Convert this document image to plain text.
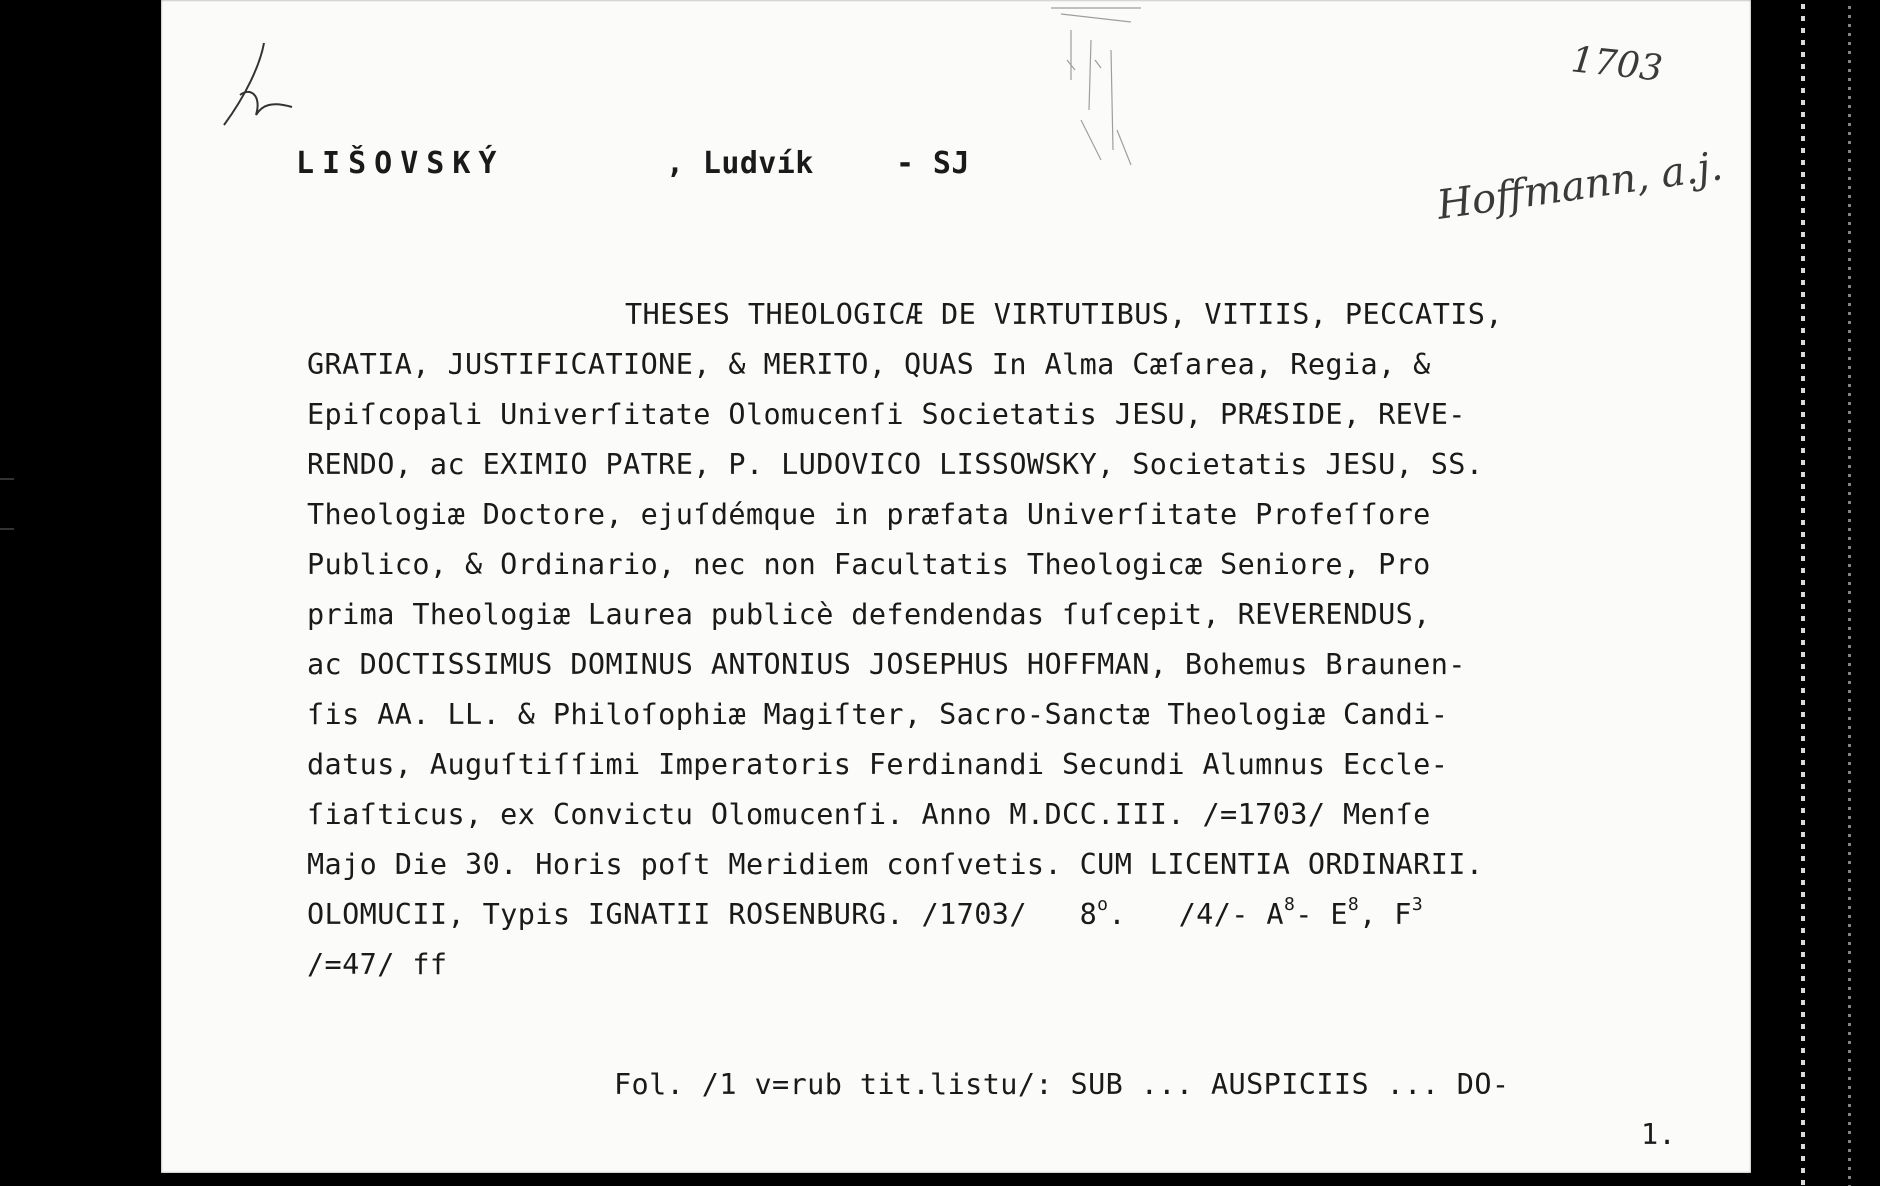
1703
Hoffmann, a.j.
LIŠOVSKÝ	, Ludvík	- SJ
THESES THEOLOGICÆ DE VIRTUTIBUS, VITIIS, PECCATIS,
GRATIA, JUSTIFICATIONE, & MERITO, QUAS In Alma Cæſarea, Regia, &
Epiſcopali Univerſitate Olomucenſi Societatis JESU, PRÆSIDE, REVE-
RENDO, ac EXIMIO PATRE, P. LUDOVICO LISSOWSKY, Societatis JESU, SS.
Theologiæ Doctore, ejuſdémque in præfata Univerſitate Profeſſore
Publico, & Ordinario, nec non Facultatis Theologicæ Seniore, Pro
prima Theologiæ Laurea publicè defendendas ſuſcepit, REVERENDUS,
ac DOCTISSIMUS DOMINUS ANTONIUS JOSEPHUS HOFFMAN, Bohemus Braunen-
ſis AA. LL. & Philoſophiæ Magiſter, Sacro-Sanctæ Theologiæ Candi-
datus, Auguſtiſſimi Imperatoris Ferdinandi Secundi Alumnus Eccle-
ſiaſticus, ex Convictu Olomucenſi. Anno M.DCC.III. /=1703/ Menſe
Majo Die 30. Horis poſt Meridiem conſvetis. CUM LICENTIA ORDINARII.
OLOMUCII, Typis IGNATII ROSENBURG. /1703/   8$^o$.   /4/- $A^8-$ $E^8$, $F^3$
/=47/ ff
Fol. /1 v=rub tit.listu/: SUB ... AUSPICIIS ... DO-
1.
